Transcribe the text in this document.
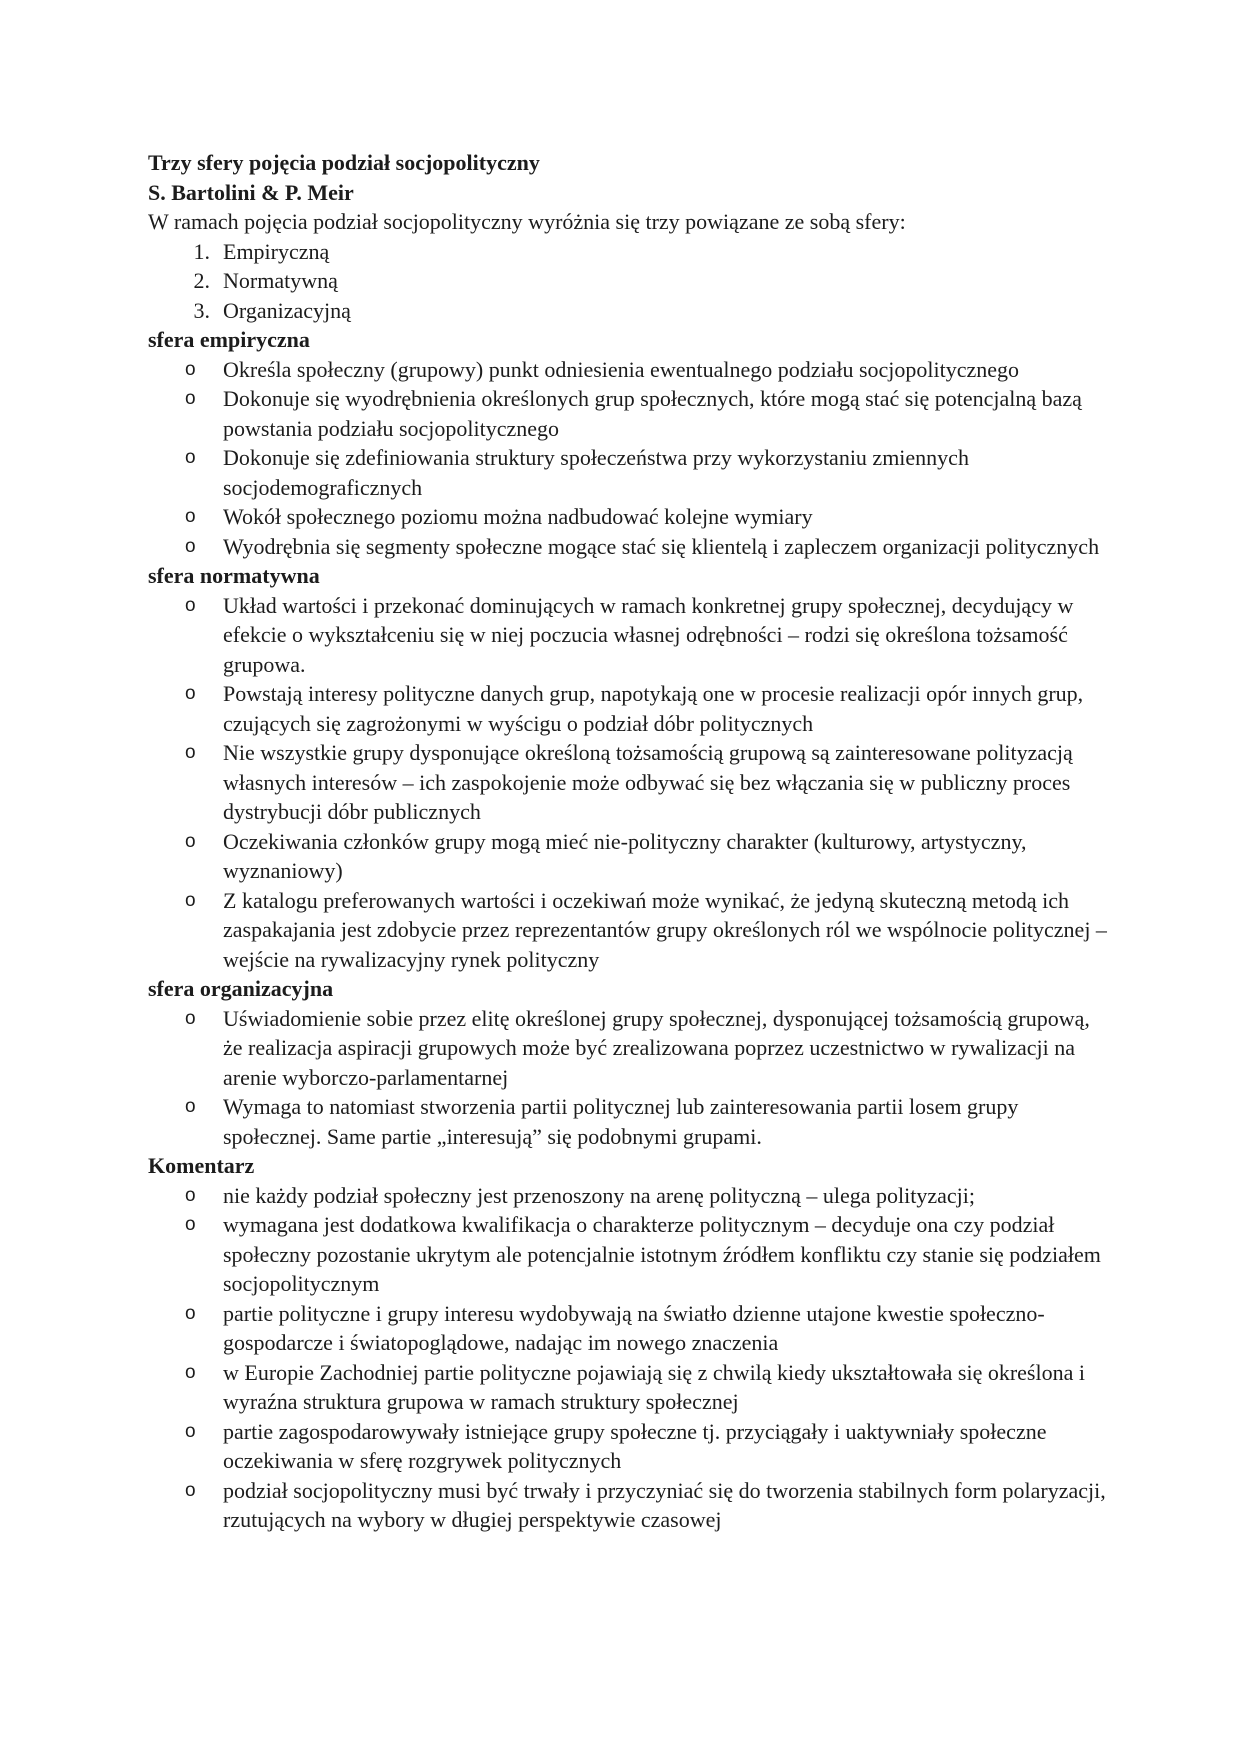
Trzy sfery pojęcia podział socjopolityczny
S. Bartolini & P. Meir

W ramach pojęcia podział socjopolityczny wyróżnia się trzy powiązane ze sobą sfery:

1. Empiryczną
2. Normatywną
3. Organizacyjną
sfera empiryczna
o Określa społeczny (grupowy) punkt odniesienia ewentualnego podziału socjopolitycznego
o Dokonuje się wyodrębnienia określonych grup społecznych, które mogą stać się potencjalną bazą powstania podziału socjopolitycznego
o Dokonuje się zdefiniowania struktury społeczeństwa przy wykorzystaniu zmiennych socjodemograficznych
o Wokół społecznego poziomu można nadbudować kolejne wymiary
o Wyodrębnia się segmenty społeczne mogące stać się klientelą i zapleczem organizacji politycznych
sfera normatywna
o Układ wartości i przekonać dominujących w ramach konkretnej grupy społecznej, decydujący w efekcie o wykształceniu się w niej poczucia własnej odrębności – rodzi się określona tożsamość grupowa.
o Powstają interesy polityczne danych grup, napotykają one w procesie realizacji opór innych grup, czujących się zagrożonymi w wyścigu o podział dóbr politycznych
o Nie wszystkie grupy dysponujące określoną tożsamością grupową są zainteresowane polityzacją własnych interesów – ich zaspokojenie może odbywać się bez włączania się w publiczny proces dystrybucji dóbr publicznych
o Oczekiwania członków grupy mogą mieć nie-polityczny charakter (kulturowy, artystyczny, wyznaniowy)
o Z katalogu preferowanych wartości i oczekiwań może wynikać, że jedyną skuteczną metodą ich zaspakajania jest zdobycie przez reprezentantów grupy określonych ról we wspólnocie politycznej – wejście na rywalizacyjny rynek polityczny
sfera organizacyjna
o Uświadomienie sobie przez elitę określonej grupy społecznej, dysponującej tożsamością grupową, że realizacja aspiracji grupowych może być zrealizowana poprzez uczestnictwo w rywalizacji na arenie wyborczo-parlamentarnej
o Wymaga to natomiast stworzenia partii politycznej lub zainteresowania partii losem grupy społecznej. Same partie „interesują” się podobnymi grupami.
Komentarz
o nie każdy podział społeczny jest przenoszony na arenę polityczną – ulega polityzacji;
o wymagana jest dodatkowa kwalifikacja o charakterze politycznym – decyduje ona czy podział społeczny pozostanie ukrytym ale potencjalnie istotnym źródłem konfliktu czy stanie się podziałem socjopolitycznym
o partie polityczne i grupy interesu wydobywają na światło dzienne utajone kwestie społeczno-gospodarcze i światopoglądowe, nadając im nowego znaczenia
o w Europie Zachodniej partie polityczne pojawiają się z chwilą kiedy ukształtowała się określona i wyraźna struktura grupowa w ramach struktury społecznej
o partie zagospodarowywały istniejące grupy społeczne tj. przyciągały i uaktywniały społeczne oczekiwania w sferę rozgrywek politycznych
o podział socjopolityczny musi być trwały i przyczyniać się do tworzenia stabilnych form polaryzacji, rzutujących na wybory w długiej perspektywie czasowej
